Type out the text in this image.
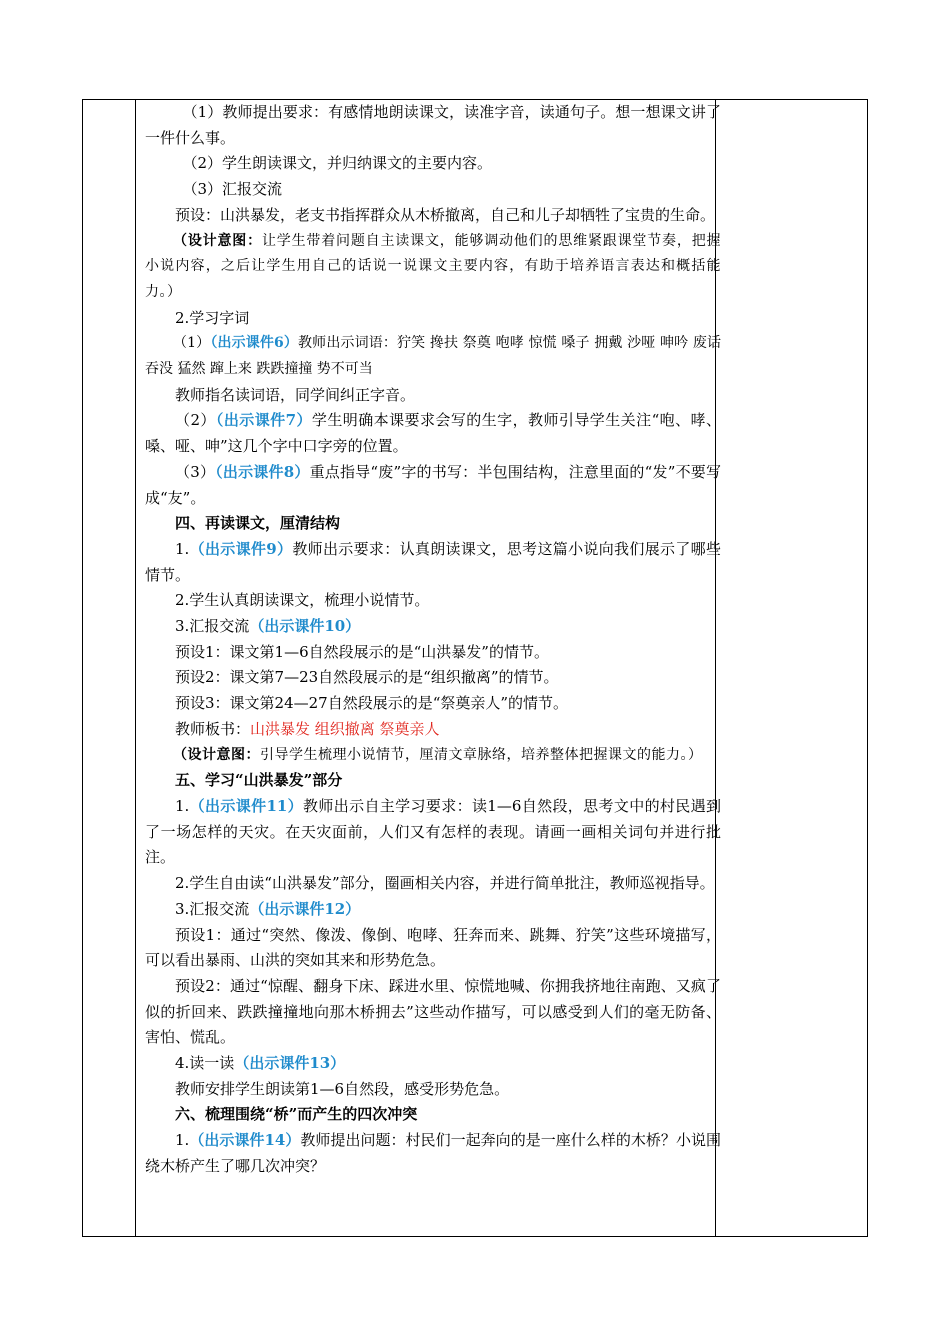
（1）教师提出要求：有感情地朗读课文，读准字音，读通句子。想一想课文讲了一件什么事。

（2）学生朗读课文，并归纳课文的主要内容。

（3）汇报交流

预设：山洪暴发，老支书指挥群众从木桥撤离，自己和儿子却牺牲了宝贵的生命。

（设计意图：让学生带着问题自主读课文，能够调动他们的思维紧跟课堂节奏，把握小说内容，之后让学生用自己的话说一说课文主要内容，有助于培养语言表达和概括能力。）

2.学习字词

（1）（出示课件6）教师出示词语：狞笑 搀扶 祭奠 咆哮 惊慌 嗓子 拥戴 沙哑 呻吟 废话 吞没 猛然 蹿上来 跌跌撞撞 势不可当

教师指名读词语，同学间纠正字音。

（2）（出示课件7）学生明确本课要求会写的生字，教师引导学生关注“咆、哮、嗓、哑、呻”这几个字中口字旁的位置。

（3）（出示课件8）重点指导“废”字的书写：半包围结构，注意里面的“发”不要写成“友”。

四、再读课文，厘清结构

1.（出示课件9）教师出示要求：认真朗读课文，思考这篇小说向我们展示了哪些情节。

2.学生认真朗读课文，梳理小说情节。

3.汇报交流（出示课件10）

预设1：课文第1—6自然段展示的是“山洪暴发”的情节。

预设2：课文第7—23自然段展示的是“组织撤离”的情节。

预设3：课文第24—27自然段展示的是“祭奠亲人”的情节。

教师板书：山洪暴发 组织撤离 祭奠亲人

（设计意图：引导学生梳理小说情节，厘清文章脉络，培养整体把握课文的能力。）

五、学习“山洪暴发”部分

1.（出示课件11）教师出示自主学习要求：读1—6自然段，思考文中的村民遇到了一场怎样的天灾。在天灾面前，人们又有怎样的表现。请画一画相关词句并进行批注。

2.学生自由读“山洪暴发”部分，圈画相关内容，并进行简单批注，教师巡视指导。

3.汇报交流（出示课件12）

预设1：通过“突然、像泼、像倒、咆哮、狂奔而来、跳舞、狞笑”这些环境描写，可以看出暴雨、山洪的突如其来和形势危急。

预设2：通过“惊醒、翻身下床、踩进水里、惊慌地喊、你拥我挤地往南跑、又疯了似的折回来、跌跌撞撞地向那木桥拥去”这些动作描写，可以感受到人们的毫无防备、害怕、慌乱。

4.读一读（出示课件13）

教师安排学生朗读第1—6自然段，感受形势危急。

六、梳理围绕“桥”而产生的四次冲突

1.（出示课件14）教师提出问题：村民们一起奔向的是一座什么样的木桥？小说围绕木桥产生了哪几次冲突？
